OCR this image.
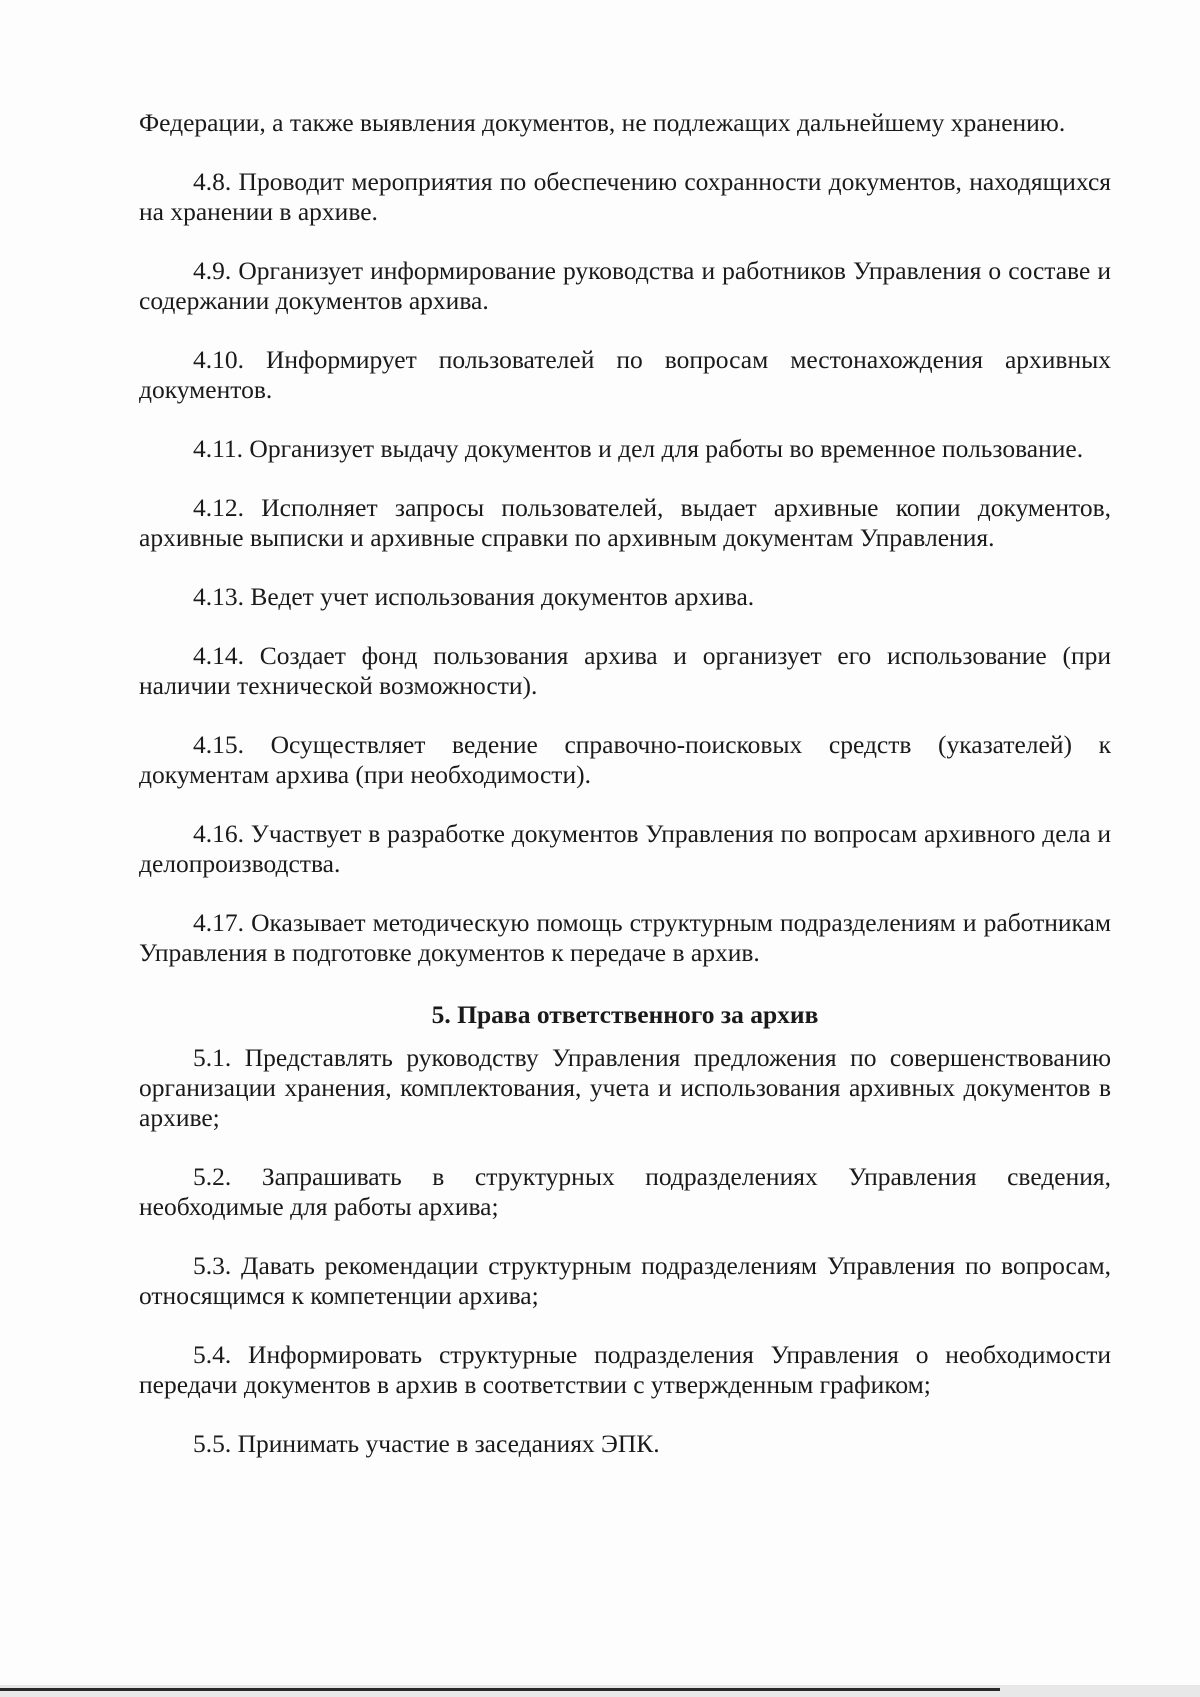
Федерации, а также выявления документов, не подлежащих дальнейшему хранению.

4.8. Проводит мероприятия по обеспечению сохранности документов, находящихся на хранении в архиве.

4.9. Организует информирование руководства и работников Управления о составе и содержании документов архива.

4.10. Информирует пользователей по вопросам местонахождения архивных документов.

4.11. Организует выдачу документов и дел для работы во временное пользование.

4.12. Исполняет запросы пользователей, выдает архивные копии документов, архивные выписки и архивные справки по архивным документам Управления.

4.13. Ведет учет использования документов архива.

4.14. Создает фонд пользования архива и организует его использование (при наличии технической возможности).

4.15. Осуществляет ведение справочно-поисковых средств (указателей) к документам архива (при необходимости).

4.16. Участвует в разработке документов Управления по вопросам архивного дела и делопроизводства.

4.17. Оказывает методическую помощь структурным подразделениям и работникам Управления в подготовке документов к передаче в архив.

5. Права ответственного за архив

5.1. Представлять руководству Управления предложения по совершенствованию организации хранения, комплектования, учета и использования архивных документов в архиве;

5.2. Запрашивать в структурных подразделениях Управления сведения, необходимые для работы архива;

5.3. Давать рекомендации структурным подразделениям Управления по вопросам, относящимся к компетенции архива;

5.4. Информировать структурные подразделения Управления о необходимости передачи документов в архив в соответствии с утвержденным графиком;

5.5. Принимать участие в заседаниях ЭПК.
